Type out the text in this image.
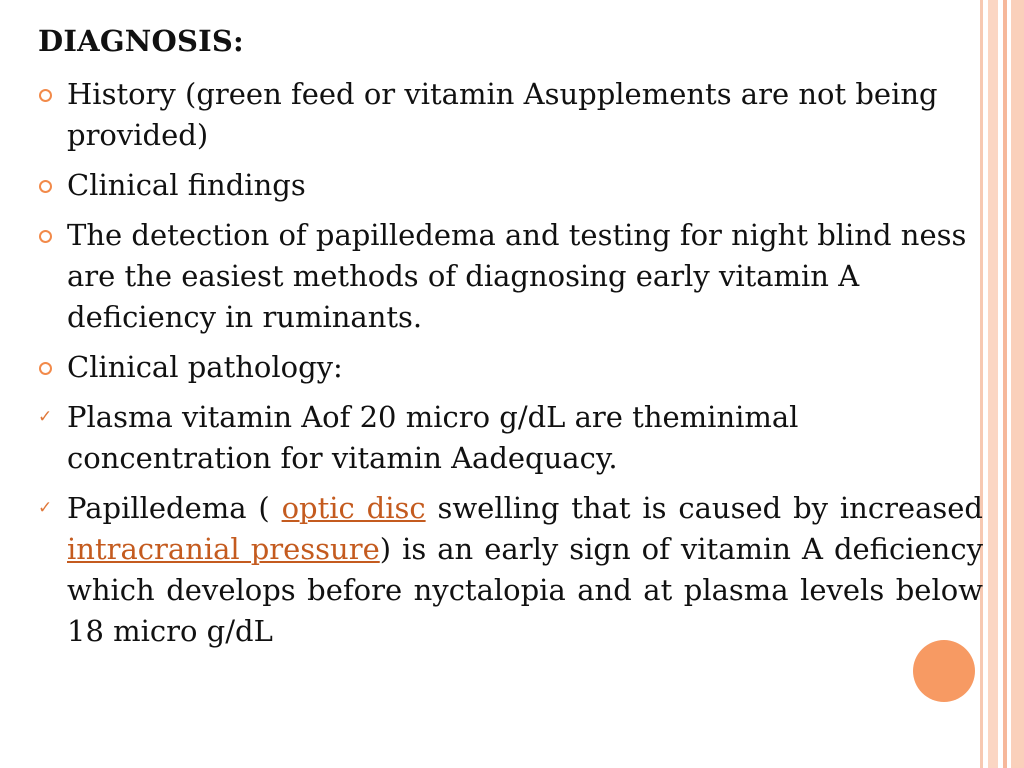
DIAGNOSIS:
History (green feed or vitamin Asupplements are not being provided)
Clinical findings
The detection of papilledema and testing for night blind ness are the easiest methods of diagnosing early vitamin A deficiency in ruminants.
Clinical pathology:
✓ Plasma vitamin Aof 20 micro g/dL are theminimal concentration for vitamin Aadequacy.
✓ Papilledema ( optic disc swelling that is caused by increased intracranial pressure) is an early sign of vitamin A deficiency which develops before nyctalopia and at plasma levels below 18 micro g/dL
